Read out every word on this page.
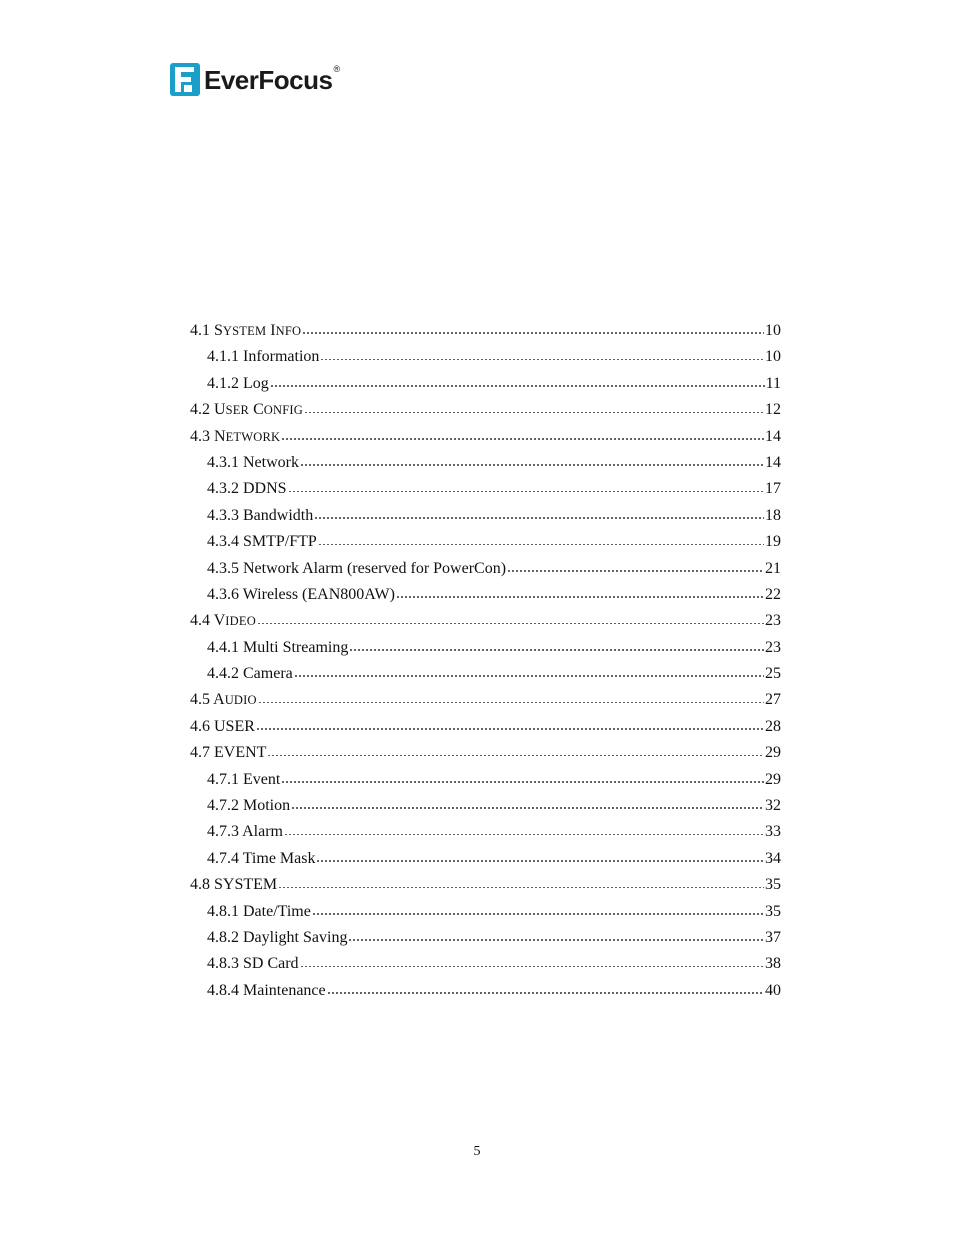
EverFocus ®
4.1 SYSTEM INFO	10
4.1.1 Information	10
4.1.2 Log	11
4.2 USER CONFIG	12
4.3 NETWORK	14
4.3.1 Network	14
4.3.2 DDNS	17
4.3.3 Bandwidth	18
4.3.4 SMTP/FTP	19
4.3.5 Network Alarm (reserved for PowerCon)	21
4.3.6 Wireless (EAN800AW)	22
4.4 VIDEO	23
4.4.1 Multi Streaming	23
4.4.2 Camera	25
4.5 AUDIO	27
4.6 USER	28
4.7 EVENT	29
4.7.1 Event	29
4.7.2 Motion	32
4.7.3 Alarm	33
4.7.4 Time Mask	34
4.8 SYSTEM	35
4.8.1 Date/Time	35
4.8.2 Daylight Saving	37
4.8.3 SD Card	38
4.8.4 Maintenance	40
5
